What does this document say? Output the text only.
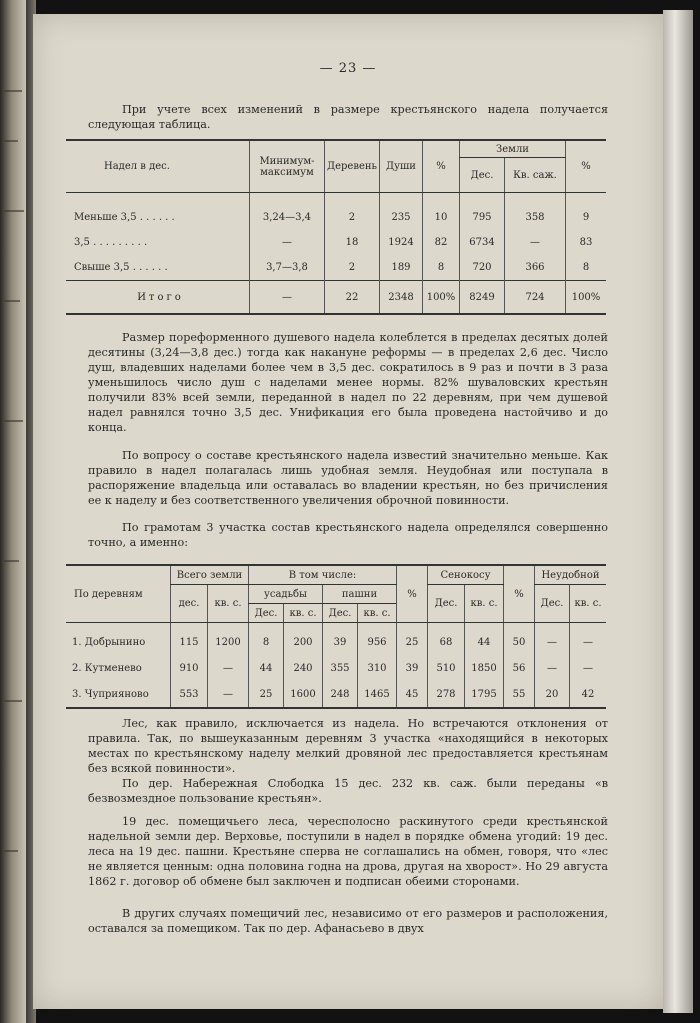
— 23 —

При учете всех изменений в размере крестьянского надела получается следующая таблица.

Надел в дес.	Минимум-максимум	Деревень	Души	%	Земли		%
					Дес.	Кв. саж.	
Меньше 3,5 . . . . . .	3,24—3,4	2	235	10	795	358	9
3,5 . . . . . . . . .	—	18	1924	82	6734	—	83
Свыше 3,5 . . . . . .	3,7—3,8	2	189	8	720	366	8
Итого	—	22	2348	100%	8249	724	100%

Размер пореформенного душевого надела колеблется в пределах десятых долей десятины (3,24—3,8 дес.) тогда как накануне реформы — в пределах 2,6 дес. Число душ, владевших наделами более чем в 3,5 дес. сократилось в 9 раз и почти в 3 раза уменьшилось число душ с наделами менее нормы. 82% шуваловских крестьян получили 83% всей земли, переданной в надел по 22 деревням, при чем душевой надел равнялся точно 3,5 дес. Унификация его была проведена настойчиво и до конца.

По вопросу о составе крестьянского надела известий значительно меньше. Как правило в надел полагалась лишь удобная земля. Неудобная или поступала в распоряжение владельца или оставалась во владении крестьян, но без причисления ее к наделу и без соответственного увеличения оброчной повинности.

По грамотам 3 участка состав крестьянского надела определялся совершенно точно, а именно:

По деревням	Всего земли		В том числе:				%	Сенокосу		%	Неудобной	
	дес.	кв. с.	усадьбы		пашни			Дес.	кв. с.		Дес.	кв. с.
			Дес.	кв. с.	Дес.	кв. с.						
1. Добрынино	115	1200	8	200	39	956	25	68	44	50	—	—
2. Кутменево	910	—	44	240	355	310	39	510	1850	56	—	—
3. Чуприяново	553	—	25	1600	248	1465	45	278	1795	55	20	42

Лес, как правило, исключается из надела. Но встречаются отклонения от правила. Так, по вышеуказанным деревням 3 участка «находящийся в некоторых местах по крестьянскому наделу мелкий дровяной лес предоставляется крестьянам без всякой повинности».

По дер. Набережная Слободка 15 дес. 232 кв. саж. были переданы «в безвозмездное пользование крестьян».

19 дес. помещичьего леса, чересполосно раскинутого среди крестьянской надельной земли дер. Верховье, поступили в надел в порядке обмена угодий: 19 дес. леса на 19 дес. пашни. Крестьяне сперва не соглашались на обмен, говоря, что «лес не является ценным: одна половина годна на дрова, другая на хворост». Но 29 августа 1862 г. договор об обмене был заключен и подписан обеими сторонами.

В других случаях помещичий лес, независимо от его размеров и расположения, оставался за помещиком. Так по дер. Афанасьево в двух
